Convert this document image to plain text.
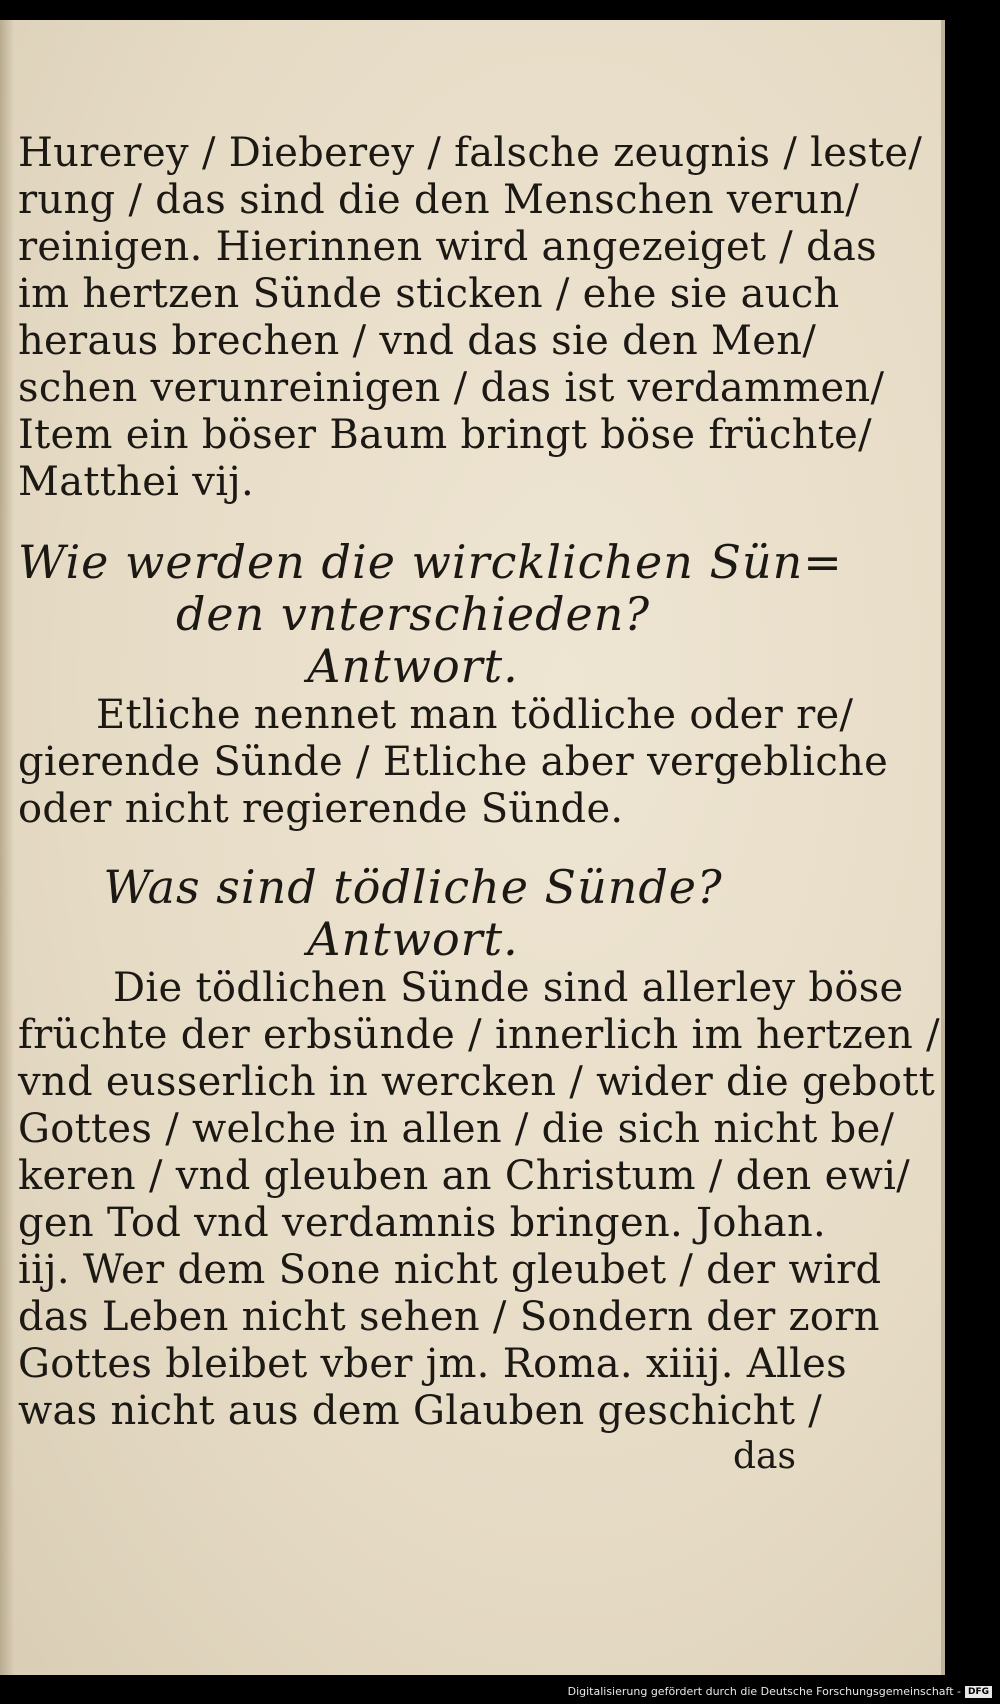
Hurerey / Dieberey / falsche zeugnis / leste/
rung / das sind die den Menschen verun/
reinigen. Hierinnen wird angezeiget / das
im hertzen Sünde sticken / ehe sie auch
heraus brechen / vnd das sie den Men/
schen verunreinigen / das ist verdammen/
Item ein böser Baum bringt böse früchte/
Matthei vij.
Wie werden die wircklichen Sün=
den vnterschieden?
Antwort.
Etliche nennet man tödliche oder re/
gierende Sünde / Etliche aber vergebliche
oder nicht regierende Sünde.
Was sind tödliche Sünde?
Antwort.
Die tödlichen Sünde sind allerley böse
früchte der erbsünde / innerlich im hertzen /
vnd eusserlich in wercken / wider die gebott
Gottes / welche in allen / die sich nicht be/
keren / vnd gleuben an Christum / den ewi/
gen Tod vnd verdamnis bringen. Johan.
iij. Wer dem Sone nicht gleubet / der wird
das Leben nicht sehen / Sondern der zorn
Gottes bleibet vber jm. Roma. xiiij. Alles
was nicht aus dem Glauben geschicht /
das
Digitalisierung gefördert durch die Deutsche Forschungsgemeinschaft - DFG
